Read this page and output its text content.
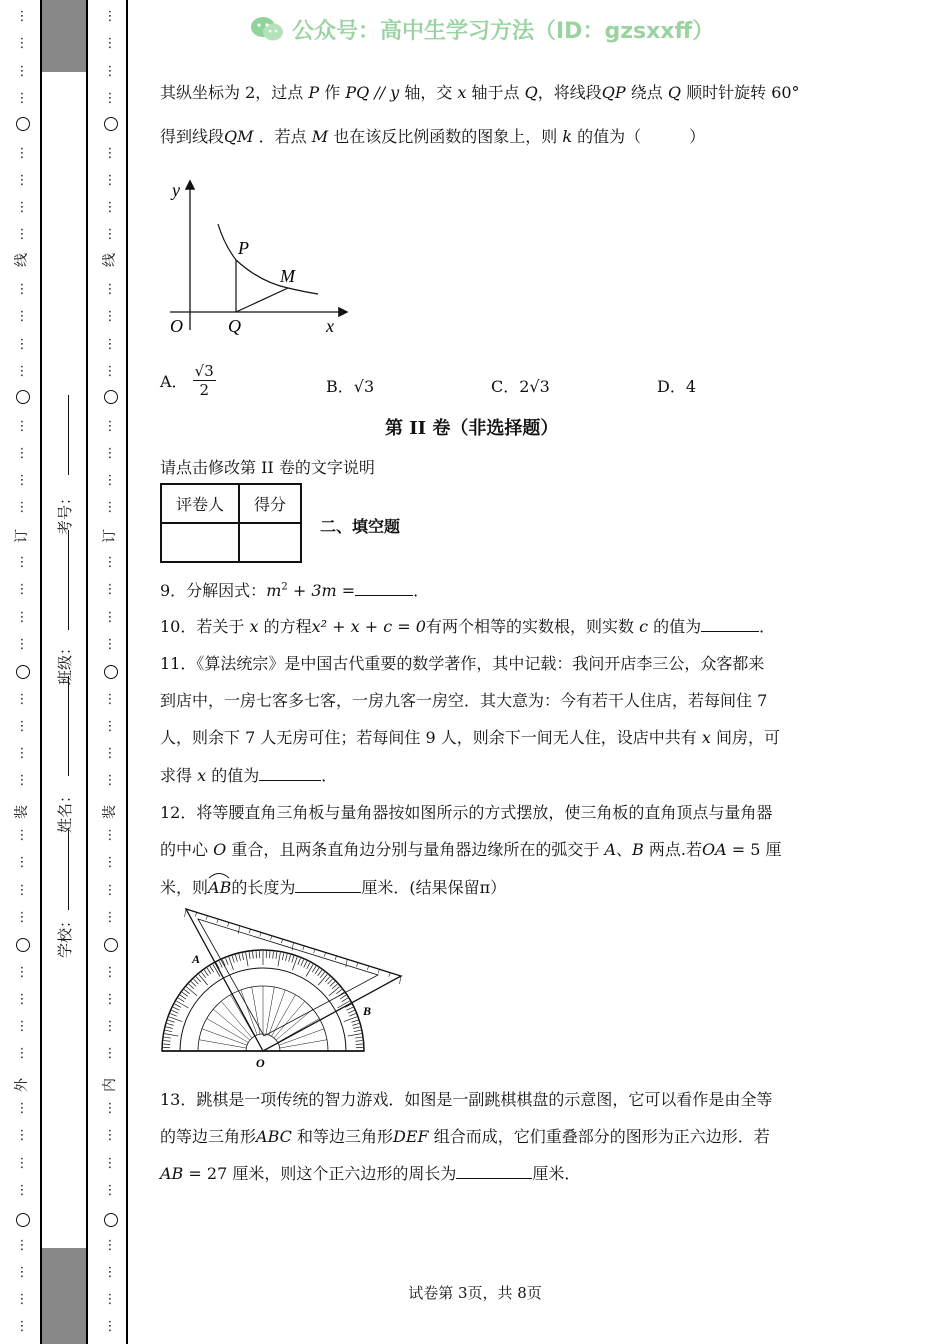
⋮
⋮
⋮
⋮
⋮
⋮
⋮
⋮
⋮
⋮
⋮
⋮
⋮
⋮
⋮
⋮
⋮
⋮
⋮
⋮
⋮
⋮
⋮
⋮
⋮
⋮
⋮
⋮
⋮
⋮
⋮
⋮
⋮
⋮
⋮
⋮
⋮
⋮
⋮
⋮
⋮
⋮
⋮
⋮
⋮
⋮
⋮
⋮
⋮
⋮
⋮
⋮
⋮
⋮
⋮
⋮
⋮
⋮
⋮
⋮
⋮
⋮
⋮
⋮
⋮
⋮
⋮
⋮
⋮
⋮
⋮
⋮
⋮
⋮
⋮
⋮
⋮
⋮
⋮
⋮
线
订
装
外
线
订
装
内
考号：
班级：
姓名：
学校：
公众号：高中生学习方法（ID：gzsxxff）
其纵坐标为 2，过点 P 作 PQ // y 轴，交 x 轴于点 Q，将线段QP 绕点 Q 顺时针旋转 60°
得到线段QM ．若点 M 也在该反比例函数的图象上，则 k 的值为（　　　）
y
O	Q	x
P
M
A． $\frac{√3}{2}$	B．√3	C．2√3	D．4
第 II 卷（非选择题）
请点击修改第 II 卷的文字说明
评卷人	得分

二、填空题
9．分解因式：$m^2 + 3m$ =	．
10．若关于 x 的方程x² + x + c = 0有两个相等的实数根，则实数 c 的值为	．
11．《算法统宗》是中国古代重要的数学著作，其中记载：我问开店李三公，众客都来
到店中，一房七客多七客，一房九客一房空．其大意为：今有若干人住店，若每间住 7
人，则余下 7 人无房可住；若每间住 9 人，则余下一间无人住，设店中共有 x 间房，可
求得 x 的值为	．
12．将等腰直角三角板与量角器按如图所示的方式摆放，使三角板的直角顶点与量角器
的中心 O 重合，且两条直角边分别与量角器边缘所在的弧交于 A、B 两点.若OA = 5 厘
米，则
AB的长度为	厘米．(结果保留π）
A
B
O
13．跳棋是一项传统的智力游戏．如图是一副跳棋棋盘的示意图，它可以看作是由全等
的等边三角形ABC 和等边三角形DEF 组合而成，它们重叠部分的图形为正六边形．若
AB = 27 厘米，则这个正六边形的周长为	厘米．
试卷第 3页，共 8页
